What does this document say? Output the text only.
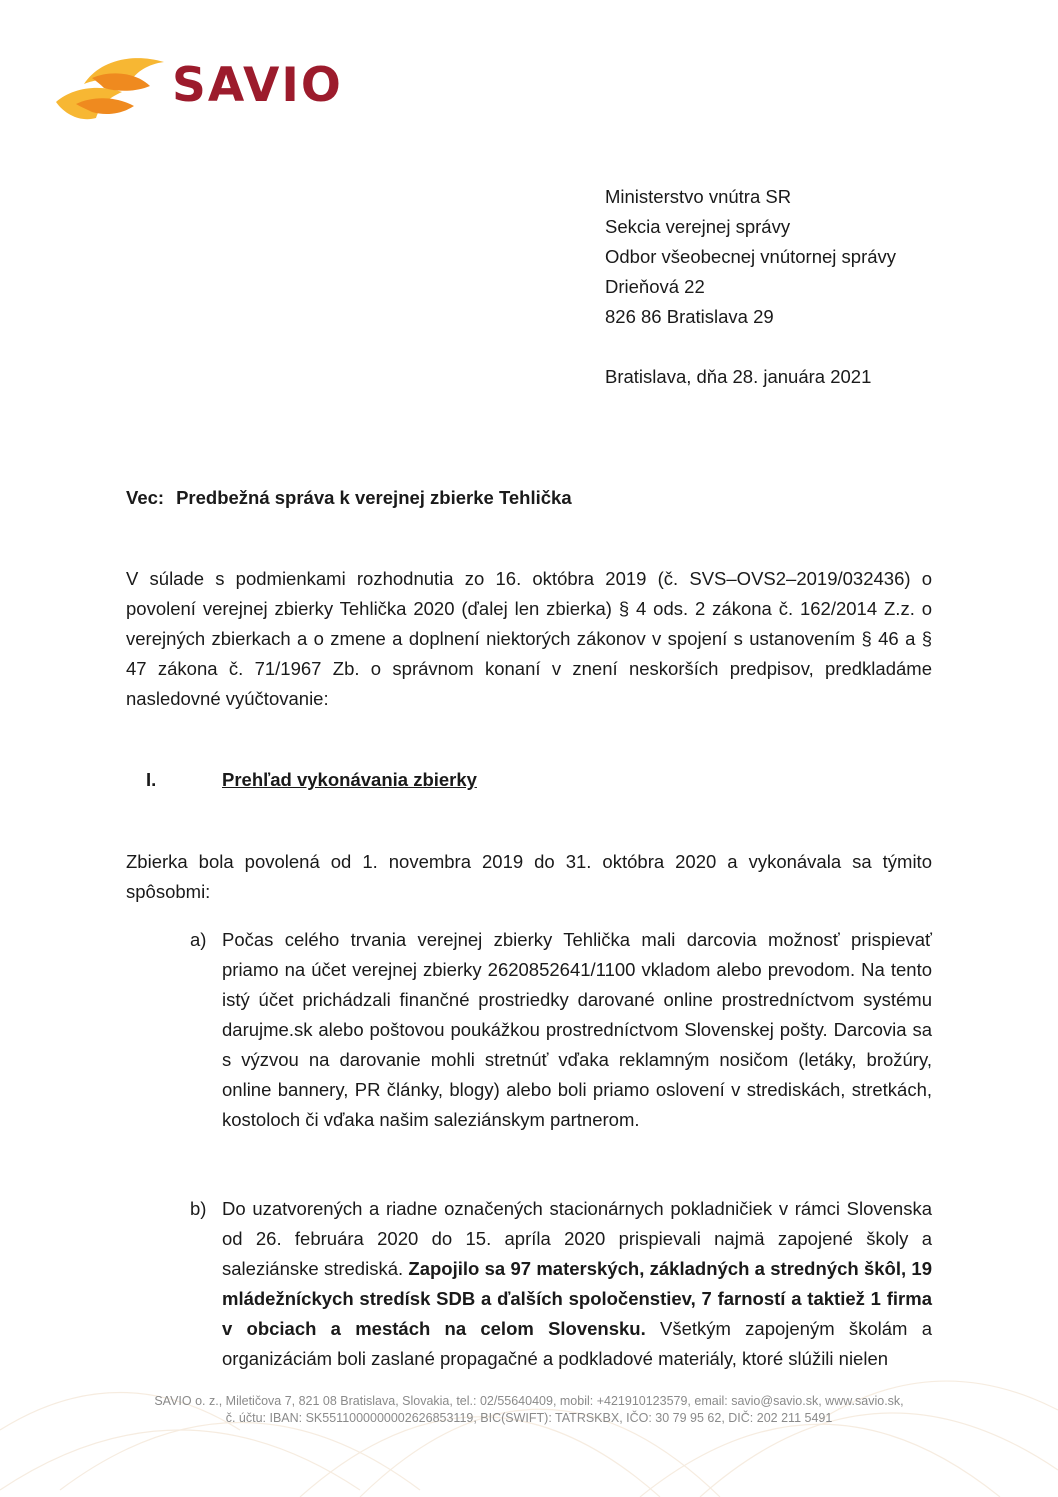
SAVIO
Ministerstvo vnútra SR
Sekcia verejnej správy
Odbor všeobecnej vnútornej správy
Drieňová 22
826 86 Bratislava 29
Bratislava, dňa 28. januára 2021
Vec: Predbežná správa k verejnej zbierke Tehlička
V súlade s podmienkami rozhodnutia zo 16. októbra 2019 (č. SVS–OVS2–2019/032436) o povolení verejnej zbierky Tehlička 2020 (ďalej len zbierka) § 4 ods. 2 zákona č. 162/2014 Z.z. o verejných zbierkach a o zmene a doplnení niektorých zákonov v spojení s ustanovením § 46 a § 47 zákona č. 71/1967 Zb. o správnom konaní v znení neskorších predpisov, predkladáme nasledovné vyúčtovanie:
I.	Prehľad vykonávania zbierky
Zbierka bola povolená od 1. novembra 2019 do 31. októbra 2020 a vykonávala sa týmito spôsobmi:
a) Počas celého trvania verejnej zbierky Tehlička mali darcovia možnosť prispievať priamo na účet verejnej zbierky 2620852641/1100 vkladom alebo prevodom. Na tento istý účet prichádzali finančné prostriedky darované online prostredníctvom systému darujme.sk alebo poštovou poukážkou prostredníctvom Slovenskej pošty. Darcovia sa s výzvou na darovanie mohli stretnúť vďaka reklamným nosičom (letáky, brožúry, online bannery, PR články, blogy) alebo boli priamo oslovení v strediskách, stretkách, kostoloch či vďaka našim saleziánskym partnerom.
b) Do uzatvorených a riadne označených stacionárnych pokladničiek v rámci Slovenska od 26. februára 2020 do 15. apríla 2020 prispievali najmä zapojené školy a saleziánske strediská. Zapojilo sa 97 materských, základných a stredných škôl, 19 mládežníckych stredísk SDB a ďalších spoločenstiev, 7 farností a taktiež 1 firma v obciach a mestách na celom Slovensku. Všetkým zapojeným školám a organizáciám boli zaslané propagačné a podkladové materiály, ktoré slúžili nielen
SAVIO o. z., Miletičova 7, 821 08 Bratislava, Slovakia, tel.: 02/55640409, mobil: +421910123579, email: savio@savio.sk, www.savio.sk,
č. účtu: IBAN: SK5511000000002626853119, BIC(SWIFT): TATRSKBX, IČO: 30 79 95 62, DIČ: 202 211 5491
